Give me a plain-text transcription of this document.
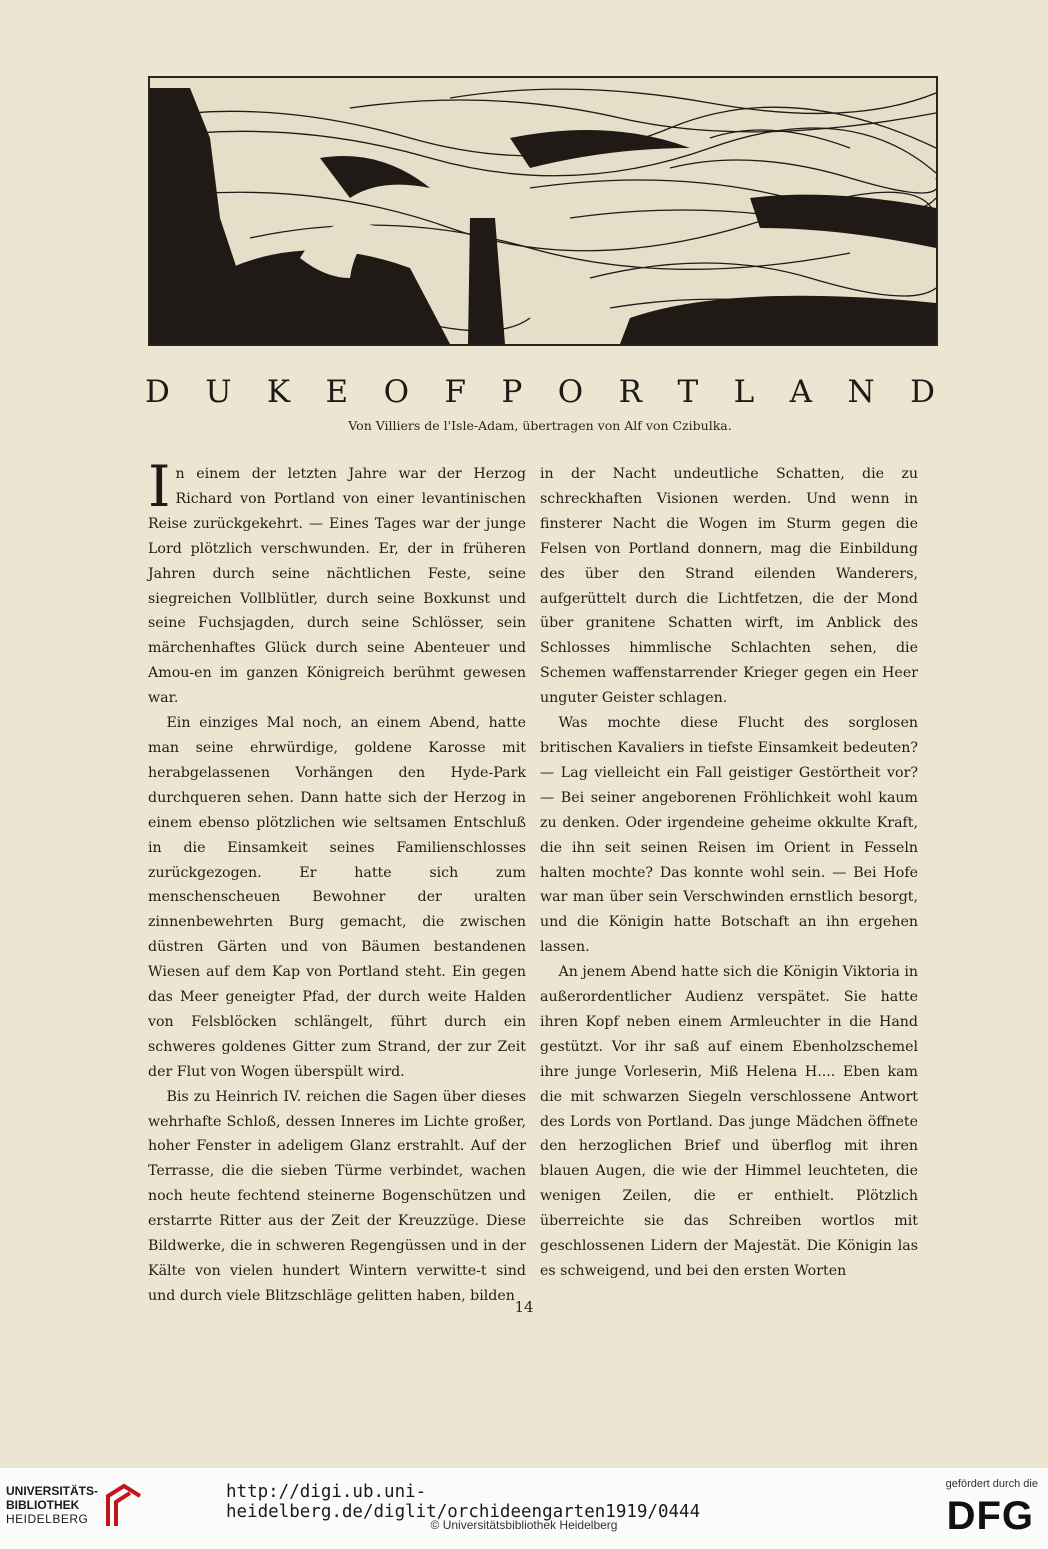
D U K E O F P O R T L A N D
Von Villiers de l'Isle-Adam, übertragen von Alf von Czibulka.

In einem der letzten Jahre war der Herzog Richard von Portland von einer levantinischen Reise zurückgekehrt. — Eines Tages war der junge Lord plötzlich verschwunden. Er, der in früheren Jahren durch seine nächtlichen Feste, seine siegreichen Vollblütler, durch seine Boxkunst und seine Fuchsjagden, durch seine Schlösser, sein märchenhaftes Glück durch seine Abenteuer und Amou-en im ganzen Königreich berühmt gewesen war.

Ein einziges Mal noch, an einem Abend, hatte man seine ehrwürdige, goldene Karosse mit herabgelassenen Vorhängen den Hyde-Park durchqueren sehen. Dann hatte sich der Herzog in einem ebenso plötzlichen wie seltsamen Entschluß in die Einsamkeit seines Familienschlosses zurückgezogen. Er hatte sich zum menschenscheuen Bewohner der uralten zinnenbewehrten Burg gemacht, die zwischen düstren Gärten und von Bäumen bestandenen Wiesen auf dem Kap von Portland steht. Ein gegen das Meer geneigter Pfad, der durch weite Halden von Felsblöcken schlängelt, führt durch ein schweres goldenes Gitter zum Strand, der zur Zeit der Flut von Wogen überspült wird.

Bis zu Heinrich IV. reichen die Sagen über dieses wehrhafte Schloß, dessen Inneres im Lichte großer, hoher Fenster in adeligem Glanz erstrahlt. Auf der Terrasse, die die sieben Türme verbindet, wachen noch heute fechtend steinerne Bogenschützen und erstarrte Ritter aus der Zeit der Kreuzzüge. Diese Bildwerke, die in schweren Regengüssen und in der Kälte von vielen hundert Wintern verwitte-t sind und durch viele Blitzschläge gelitten haben, bilden

in der Nacht undeutliche Schatten, die zu schreckhaften Visionen werden. Und wenn in finsterer Nacht die Wogen im Sturm gegen die Felsen von Portland donnern, mag die Einbildung des über den Strand eilenden Wanderers, aufgerüttelt durch die Lichtfetzen, die der Mond über granitene Schatten wirft, im Anblick des Schlosses himmlische Schlachten sehen, die Schemen waffenstarrender Krieger gegen ein Heer unguter Geister schlagen.

Was mochte diese Flucht des sorglosen britischen Kavaliers in tiefste Einsamkeit bedeuten? — Lag vielleicht ein Fall geistiger Gestörtheit vor? — Bei seiner angeborenen Fröhlichkeit wohl kaum zu denken. Oder irgendeine geheime okkulte Kraft, die ihn seit seinen Reisen im Orient in Fesseln halten mochte? Das konnte wohl sein. — Bei Hofe war man über sein Verschwinden ernstlich besorgt, und die Königin hatte Botschaft an ihn ergehen lassen.

An jenem Abend hatte sich die Königin Viktoria in außerordentlicher Audienz verspätet. Sie hatte ihren Kopf neben einem Armleuchter in die Hand gestützt. Vor ihr saß auf einem Ebenholzschemel ihre junge Vorleserin, Miß Helena H.... Eben kam die mit schwarzen Siegeln verschlossene Antwort des Lords von Portland. Das junge Mädchen öffnete den herzoglichen Brief und überflog mit ihren blauen Augen, die wie der Himmel leuchteten, die wenigen Zeilen, die er enthielt. Plötzlich überreichte sie das Schreiben wortlos mit geschlossenen Lidern der Majestät. Die Königin las es schweigend, und bei den ersten Worten

14
UNIVERSITÄTS-
BIBLIOTHEK
HEIDELBERG
http://digi.ub.uni-heidelberg.de/diglit/orchideengarten1919/0444
© Universitätsbibliothek Heidelberg
gefördert durch die
DFG
